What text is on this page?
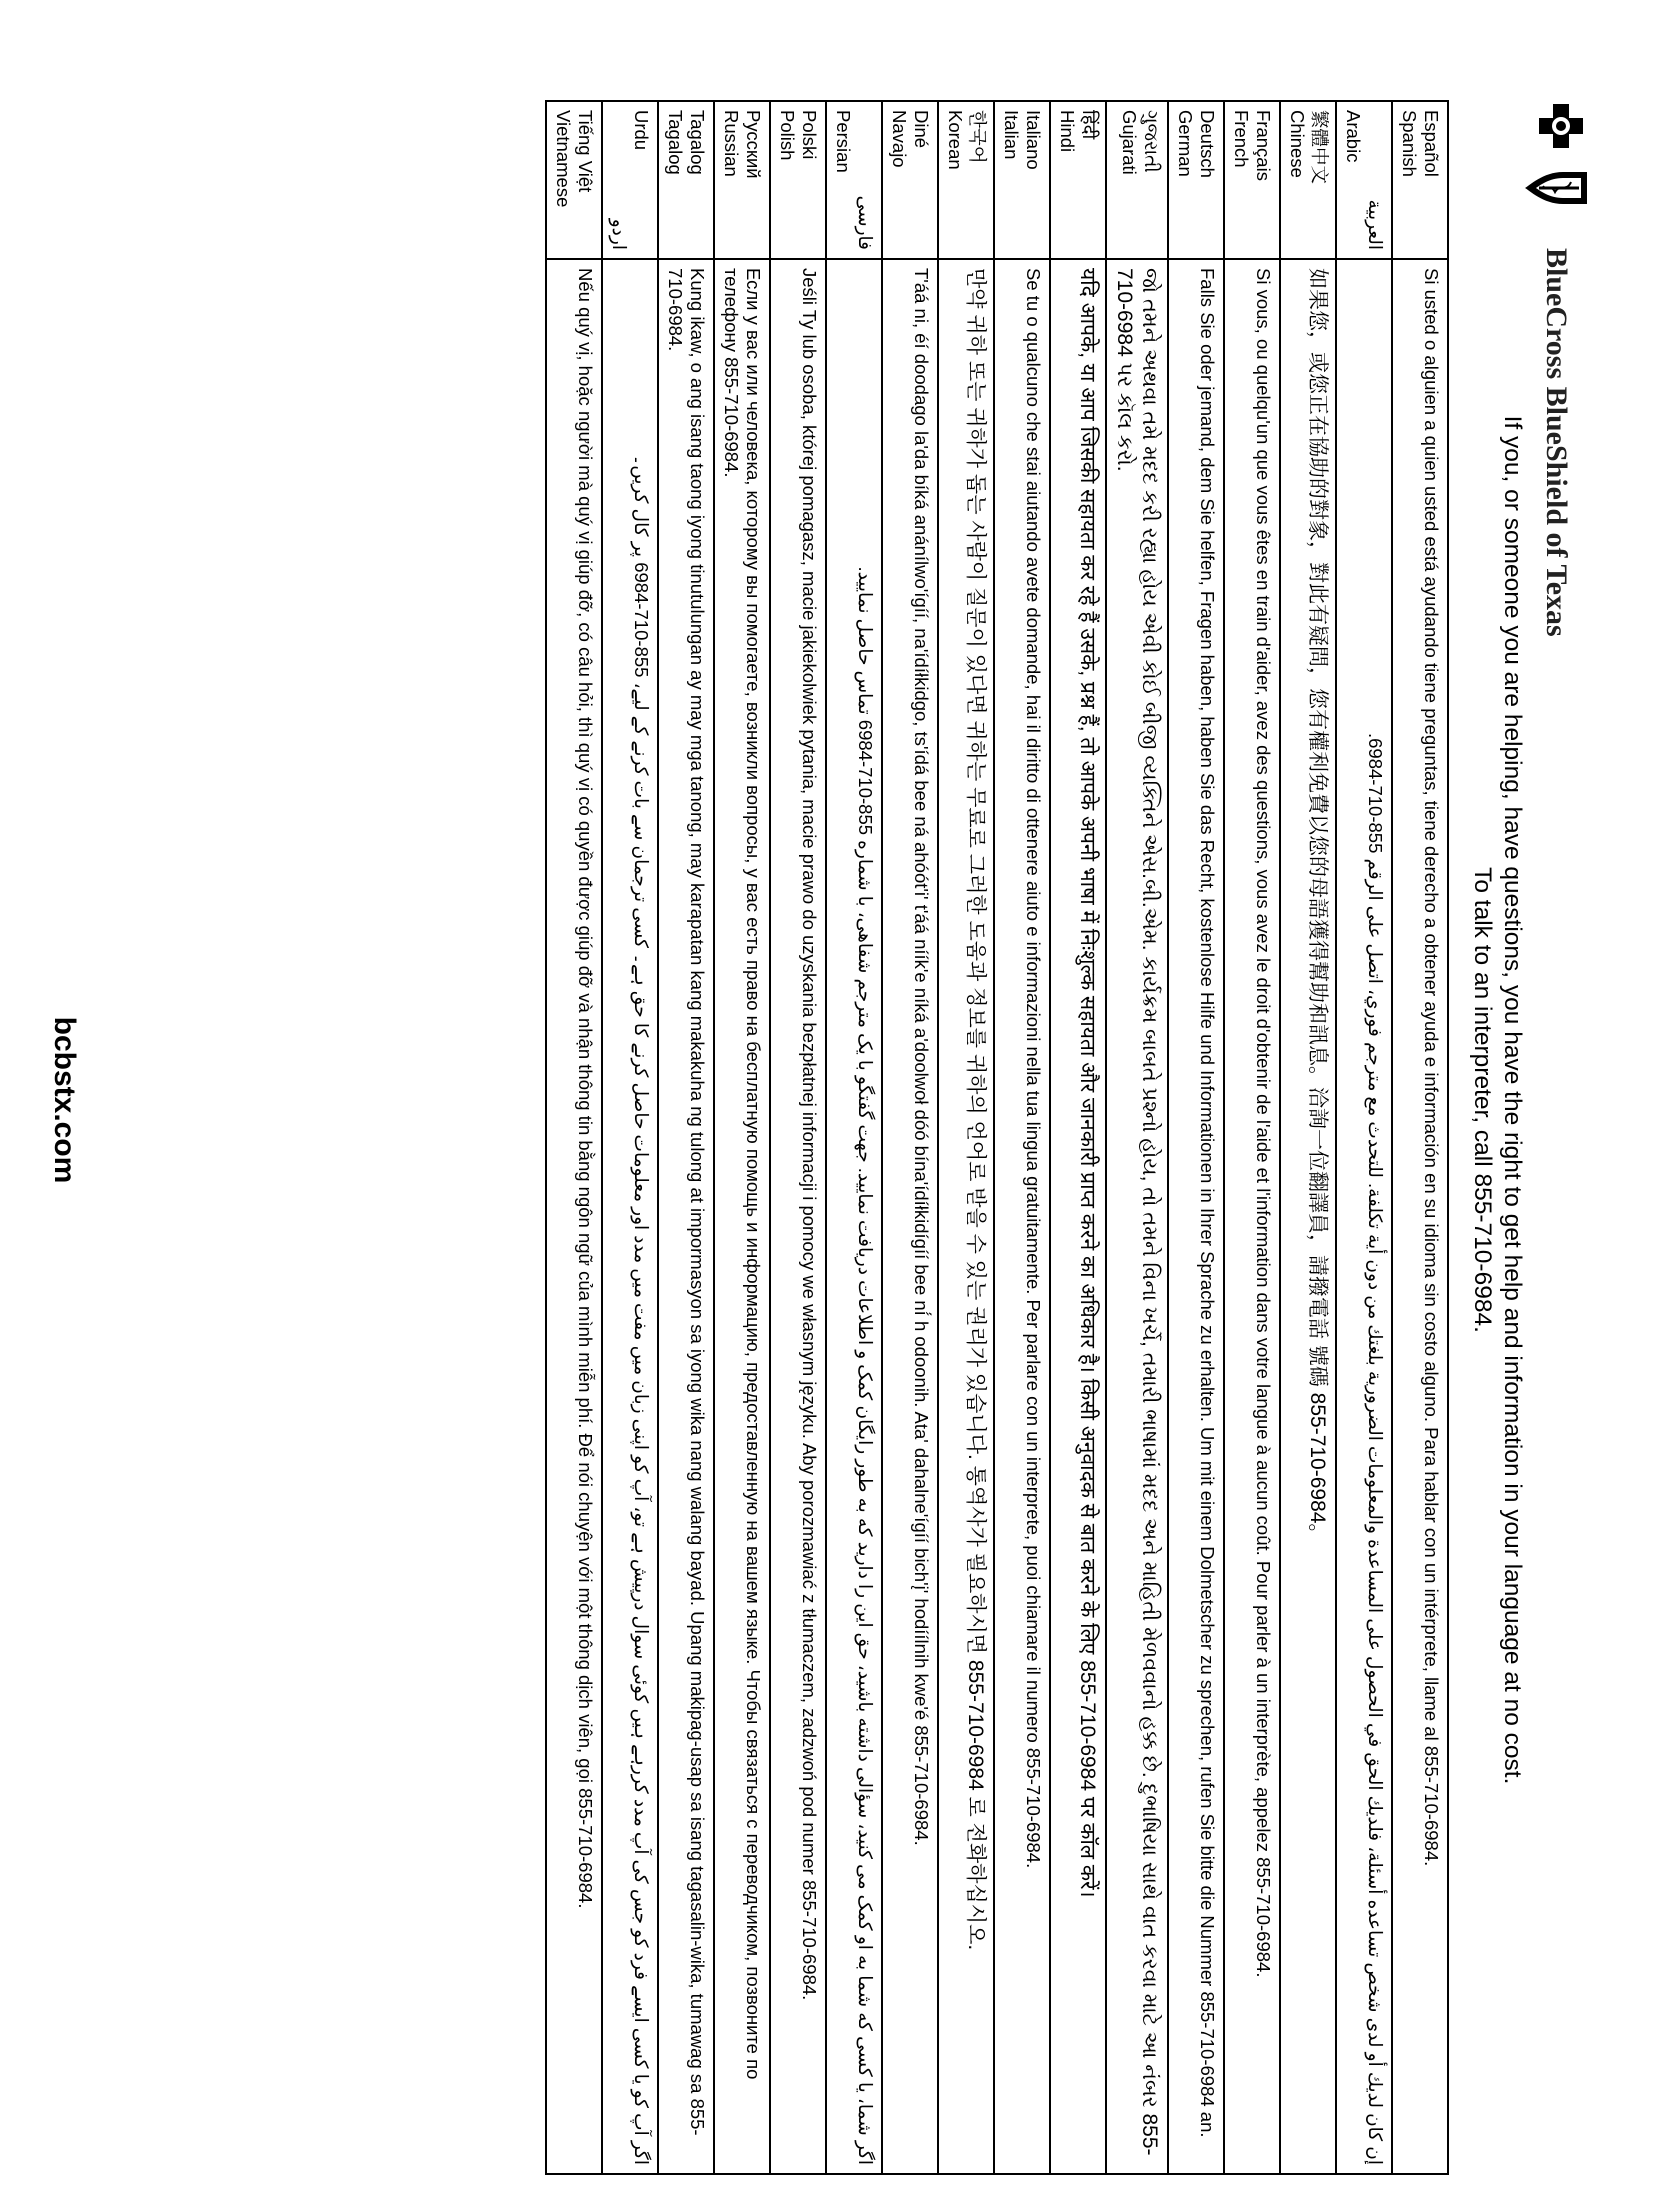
BlueCross BlueShield of Texas
If you, or someone you are helping, have questions, you have the right to get help and information in your language at no cost.
To talk to an interpreter, call 855-710-6984.
Español
Spanish	Si usted o alguien a quien usted está ayudando tiene preguntas, tiene derecho a obtener ayuda e información en su idioma sin costo alguno. Para hablar con un intérprete, llame al 855-710-6984.

العربية
Arabic	إن كان لديك أو لدى شخص تساعده أسئلة، فلديك الحق في الحصول على المساعدة والمعلومات الضرورية بلغتك من دون أية تكلفة. للتحدث مع مترجم فوري، اتصل على الرقم 855-710-6984.

繁體中文
Chinese	如果您，或您正在協助的對象，對此有疑問，您有權利免費以您的母語獲得幫助和訊息。洽詢一位翻譯員，請撥電話 號碼 855-710-6984。

Français
French	Si vous, ou quelqu'un que vous êtes en train d'aider, avez des questions, vous avez le droit d'obtenir de l'aide et l'information dans votre langue à aucun coût. Pour parler à un interprète, appelez 855-710-6984.

Deutsch
German	Falls Sie oder jemand, dem Sie helfen, Fragen haben, haben Sie das Recht, kostenlose Hilfe und Informationen in Ihrer Sprache zu erhalten. Um mit einem Dolmetscher zu sprechen, rufen Sie bitte die Nummer 855-710-6984 an.

ગુજરાતી
Gujarati	જો તમને અથવા તમે મદદ કરી રહ્યા હોય એવી કોઈ બીજી વ્યક્તિને એસ.બી.એમ. કાર્યક્રમ બાબતે પ્રશ્નો હોય, તો તમને વિના ખર્ચે, તમારી ભાષામાં મદદ અને માહિતી મેળવવાનો હક્ક છે. દુભાષિયા સાથે વાત કરવા માટે આ નંબર 855-710-6984 પર કૉલ કરો.

हिंदी
Hindi	यदि आपके, या आप जिसकी सहायता कर रहे हैं उसके, प्रश्न हैं, तो आपके अपनी भाषा में निःशुल्क सहायता और जानकारी प्राप्त करने का अधिकार है। किसी अनुवादक से बात करने के लिए 855-710-6984 पर कॉल करें।

Italiano
Italian	Se tu o qualcuno che stai aiutando avete domande, hai il diritto di ottenere aiuto e informazioni nella tua lingua gratuitamente. Per parlare con un interprete, puoi chiamare il numero 855-710-6984.

한국어
Korean	만약 귀하 또는 귀하가 돕는 사람이 질문이 있다면 귀하는 무료로 그러한 도움과 정보를 귀하의 언어로 받을 수 있는 권리가 있습니다. 통역사가 필요하시면 855-710-6984 로 전화하십시오.

Diné
Navajo	T'áá ni, éí doodago la'da bíká anánílwo'ígíí, na'ídíłkidgo, ts'ídá bee ná ahóót'i' t'áá níík'e níká a'doolwoł dóó bína'ídíłkidígíí bee ní́ h odoonih. Ata' dahalne'ígíí bich'į' hodíílnih kwe'é 855-710-6984.

فارسی
Persian	اگر شما، یا کسی که شما به او کمک می کنید، سؤالی داشته باشید، حق این را دارید که به طور رایگان کمک و اطلاعات دریافت نمایید. جهت گفتگو با یک مترجم شفاهی، با شماره 855-710-6984 تماس حاصل نمایید.

Polski
Polish	Jeśli Ty lub osoba, której pomagasz, macie jakiekolwiek pytania, macie prawo do uzyskania bezpłatnej informacji i pomocy we własnym języku. Aby porozmawiać z tłumaczem, zadzwoń pod numer 855-710-6984.

Русский
Russian	Если у вас или человека, которому вы помогаете, возникли вопросы, у вас есть право на бесплатную помощь и информацию, предоставленную на вашем языке. Чтобы связаться с переводчиком, позвоните по телефону 855-710-6984.

Tagalog
Tagalog	Kung ikaw, o ang isang taong iyong tinutulungan ay may mga tanong, may karapatan kang makakuha ng tulong at impormasyon sa iyong wika nang walang bayad. Upang makipag-usap sa isang tagasalin-wika, tumawag sa 855-710-6984.

Urdu
اردو	اگر آپ کو یا کسی ایسے فرد کو جس کی آپ مدد کررہے ہیں کوئی سوال درپیش ہے تو، آپ کو اپنی زبان میں مفت میں مدد اور معلومات حاصل کرنے کا حق ہے۔ کسی ترجمان سے بات کرنے کے لیے، 855-710-6984 پر کال کریں۔

Tiếng Việt
Vietnamese	Nếu quý vị, hoặc người mà quý vị giúp đỡ, có câu hỏi, thì quý vị có quyền được giúp đỡ và nhận thông tin bằng ngôn ngữ của mình miễn phí. Để nói chuyện với một thông dịch viên, gọi 855-710-6984.
bcbstx.com
